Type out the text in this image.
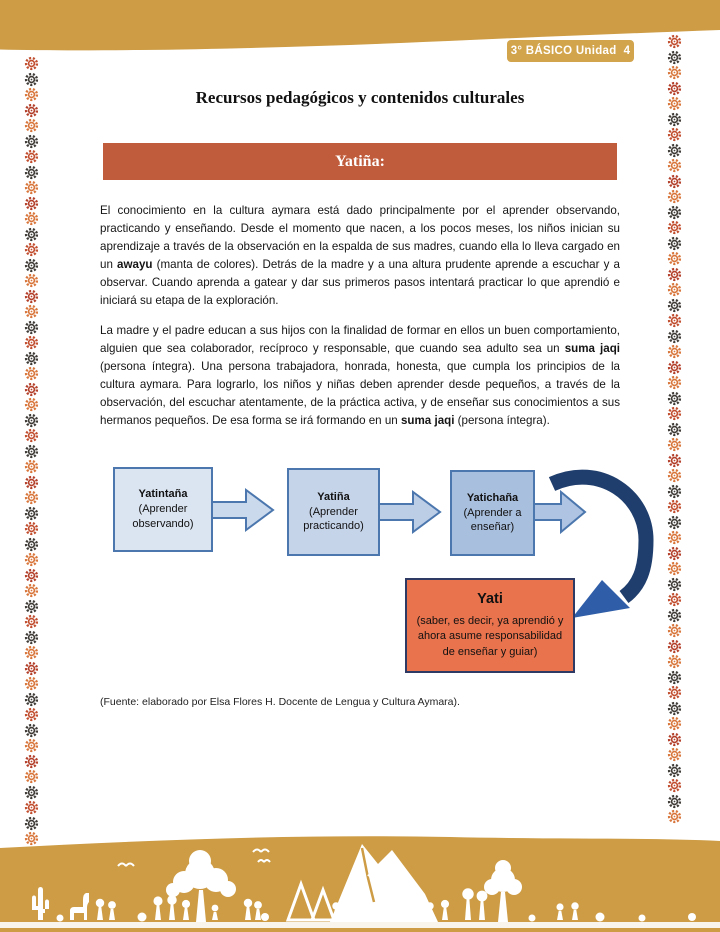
3° BÁSICO Unidad  4
Recursos pedagógicos y contenidos culturales
Yatiña:

El conocimiento en la cultura aymara está dado principalmente por el aprender observando, practicando y enseñando. Desde el momento que nacen, a los pocos meses, los niños inician su aprendizaje a través de la observación en la espalda de sus madres, cuando ella lo lleva cargado en un awayu (manta de colores). Detrás de la madre y a una altura prudente aprende a escuchar y a observar. Cuando aprenda a gatear y dar sus primeros pasos intentará practicar lo que aprendió e iniciará su etapa de la exploración.

La madre y el padre educan a sus hijos con la finalidad de formar en ellos un buen comportamiento, alguien que sea colaborador, recíproco y responsable, que cuando sea adulto sea un suma jaqi (persona íntegra). Una persona trabajadora, honrada, honesta, que cumpla los principios de la cultura aymara. Para lograrlo, los niños y niñas deben aprender desde pequeños, a través de la observación, del escuchar atentamente, de la práctica activa, y de enseñar sus conocimientos a sus hermanos pequeños. De esa forma se irá formando en un suma jaqi (persona íntegra).

Yatintaña
(Aprender observando)
Yatiña
(Aprender practicando)
Yatichaña
(Aprender a enseñar)
Yati
(saber, es decir, ya aprendió y ahora asume responsabilidad de enseñar y guiar)

(Fuente: elaborado por Elsa Flores H. Docente de Lengua y Cultura Aymara).
